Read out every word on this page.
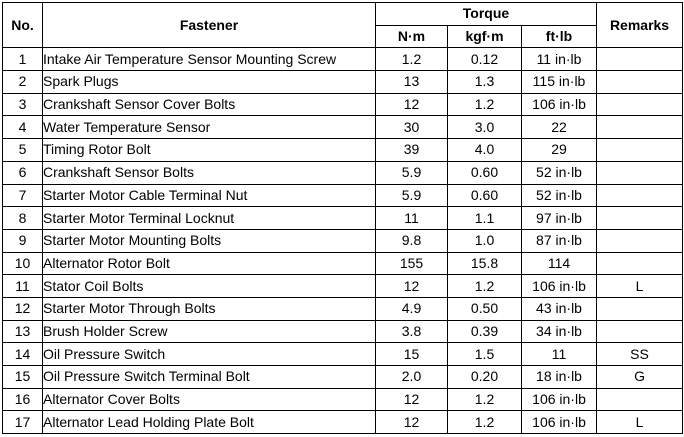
No.	Fastener	Torque			Remarks
		N·m	kgf·m	ft·lb	
1	Intake Air Temperature Sensor Mounting Screw	1.2	0.12	11 in·lb	
2	Spark Plugs	13	1.3	115 in·lb	
3	Crankshaft Sensor Cover Bolts	12	1.2	106 in·lb	
4	Water Temperature Sensor	30	3.0	22	
5	Timing Rotor Bolt	39	4.0	29	
6	Crankshaft Sensor Bolts	5.9	0.60	52 in·lb	
7	Starter Motor Cable Terminal Nut	5.9	0.60	52 in·lb	
8	Starter Motor Terminal Locknut	11	1.1	97 in·lb	
9	Starter Motor Mounting Bolts	9.8	1.0	87 in·lb	
10	Alternator Rotor Bolt	155	15.8	114	
11	Stator Coil Bolts	12	1.2	106 in·lb	L
12	Starter Motor Through Bolts	4.9	0.50	43 in·lb	
13	Brush Holder Screw	3.8	0.39	34 in·lb	
14	Oil Pressure Switch	15	1.5	11	SS
15	Oil Pressure Switch Terminal Bolt	2.0	0.20	18 in·lb	G
16	Alternator Cover Bolts	12	1.2	106 in·lb	
17	Alternator Lead Holding Plate Bolt	12	1.2	106 in·lb	L
